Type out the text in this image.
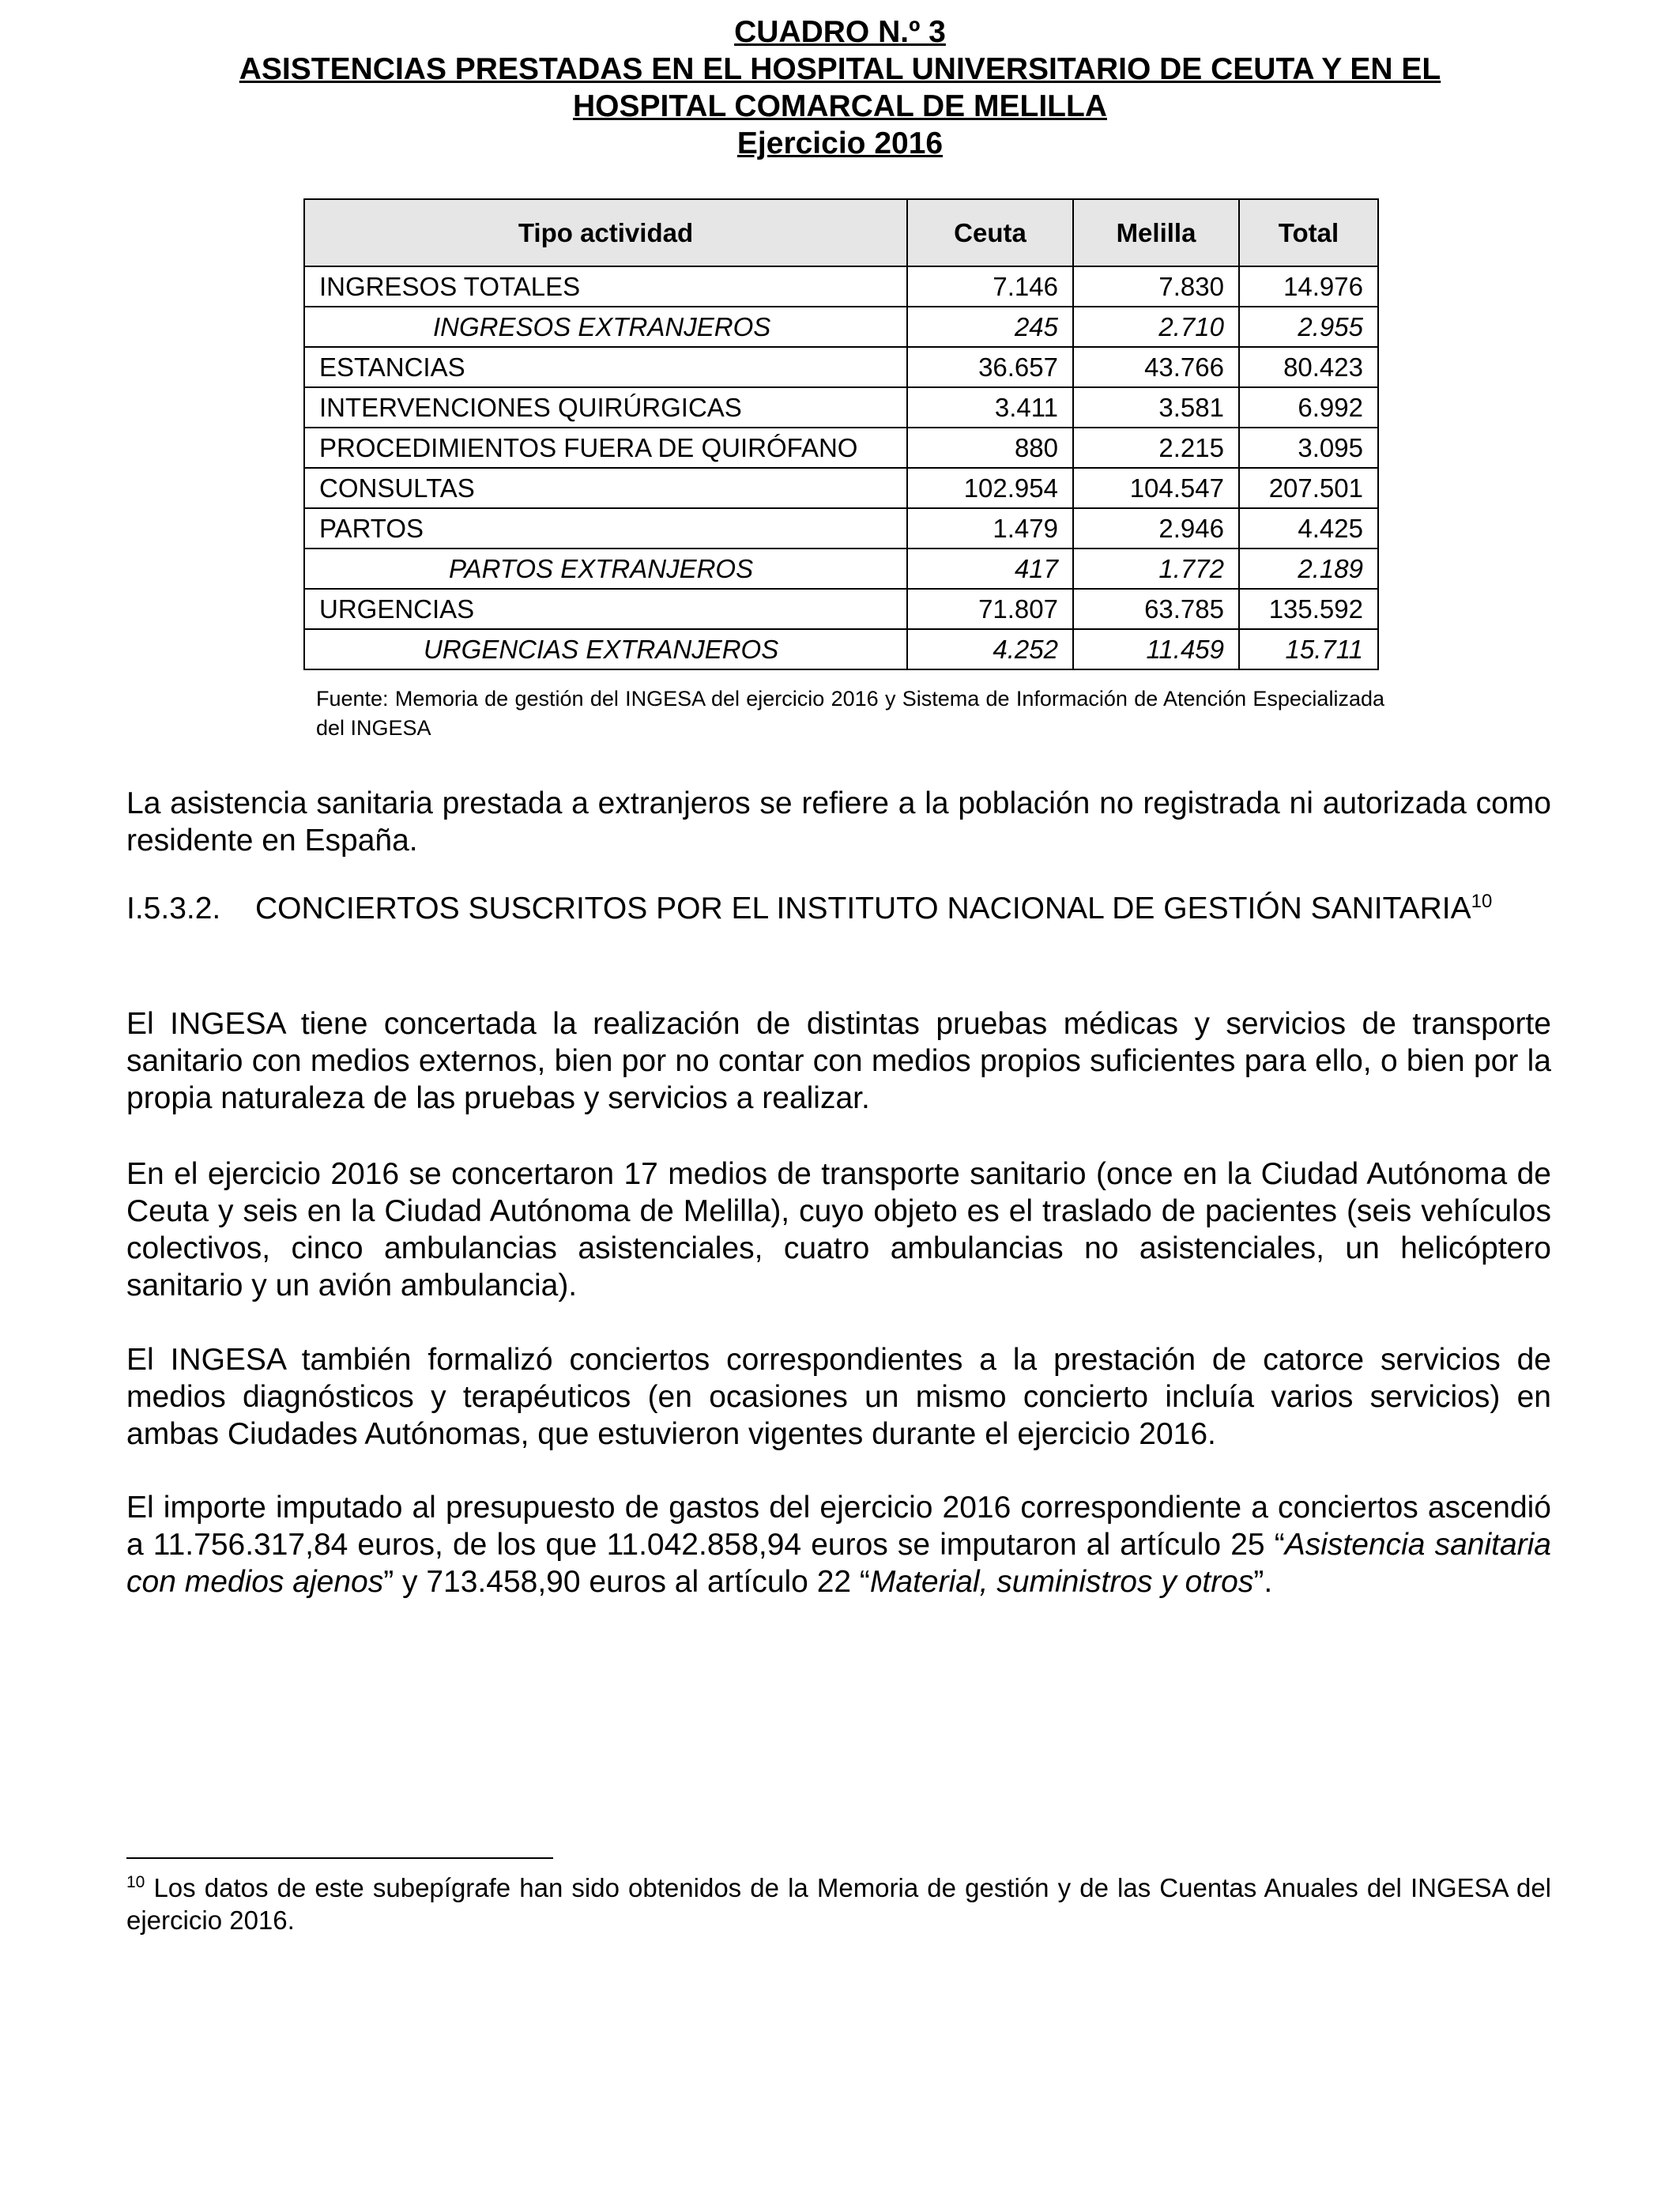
CUADRO N.º 3
ASISTENCIAS PRESTADAS EN EL HOSPITAL UNIVERSITARIO DE CEUTA Y EN EL
HOSPITAL COMARCAL DE MELILLA
Ejercicio 2016
Tipo actividad	Ceuta	Melilla	Total
INGRESOS TOTALES	7.146	7.830	14.976
INGRESOS EXTRANJEROS	245	2.710	2.955
ESTANCIAS	36.657	43.766	80.423
INTERVENCIONES QUIRÚRGICAS	3.411	3.581	6.992
PROCEDIMIENTOS FUERA DE QUIRÓFANO	880	2.215	3.095
CONSULTAS	102.954	104.547	207.501
PARTOS	1.479	2.946	4.425
PARTOS EXTRANJEROS	417	1.772	2.189
URGENCIAS	71.807	63.785	135.592
URGENCIAS EXTRANJEROS	4.252	11.459	15.711
Fuente: Memoria de gestión del INGESA del ejercicio 2016 y Sistema de Información de Atención Especializada del INGESA
La asistencia sanitaria prestada a extranjeros se refiere a la población no registrada ni autorizada como residente en España.
I.5.3.2. CONCIERTOS SUSCRITOS POR EL INSTITUTO NACIONAL DE GESTIÓN SANITARIA$^{10}$
El INGESA tiene concertada la realización de distintas pruebas médicas y servicios de transporte sanitario con medios externos, bien por no contar con medios propios suficientes para ello, o bien por la propia naturaleza de las pruebas y servicios a realizar.
En el ejercicio 2016 se concertaron 17 medios de transporte sanitario (once en la Ciudad Autónoma de Ceuta y seis en la Ciudad Autónoma de Melilla), cuyo objeto es el traslado de pacientes (seis vehículos colectivos, cinco ambulancias asistenciales, cuatro ambulancias no asistenciales, un helicóptero sanitario y un avión ambulancia).
El INGESA también formalizó conciertos correspondientes a la prestación de catorce servicios de medios diagnósticos y terapéuticos (en ocasiones un mismo concierto incluía varios servicios) en ambas Ciudades Autónomas, que estuvieron vigentes durante el ejercicio 2016.
El importe imputado al presupuesto de gastos del ejercicio 2016 correspondiente a conciertos ascendió a 11.756.317,84 euros, de los que 11.042.858,94 euros se imputaron al artículo 25 “Asistencia sanitaria con medios ajenos” y 713.458,90 euros al artículo 22 “Material, suministros y otros”.
$^{10}$ Los datos de este subepígrafe han sido obtenidos de la Memoria de gestión y de las Cuentas Anuales del INGESA del ejercicio 2016.
